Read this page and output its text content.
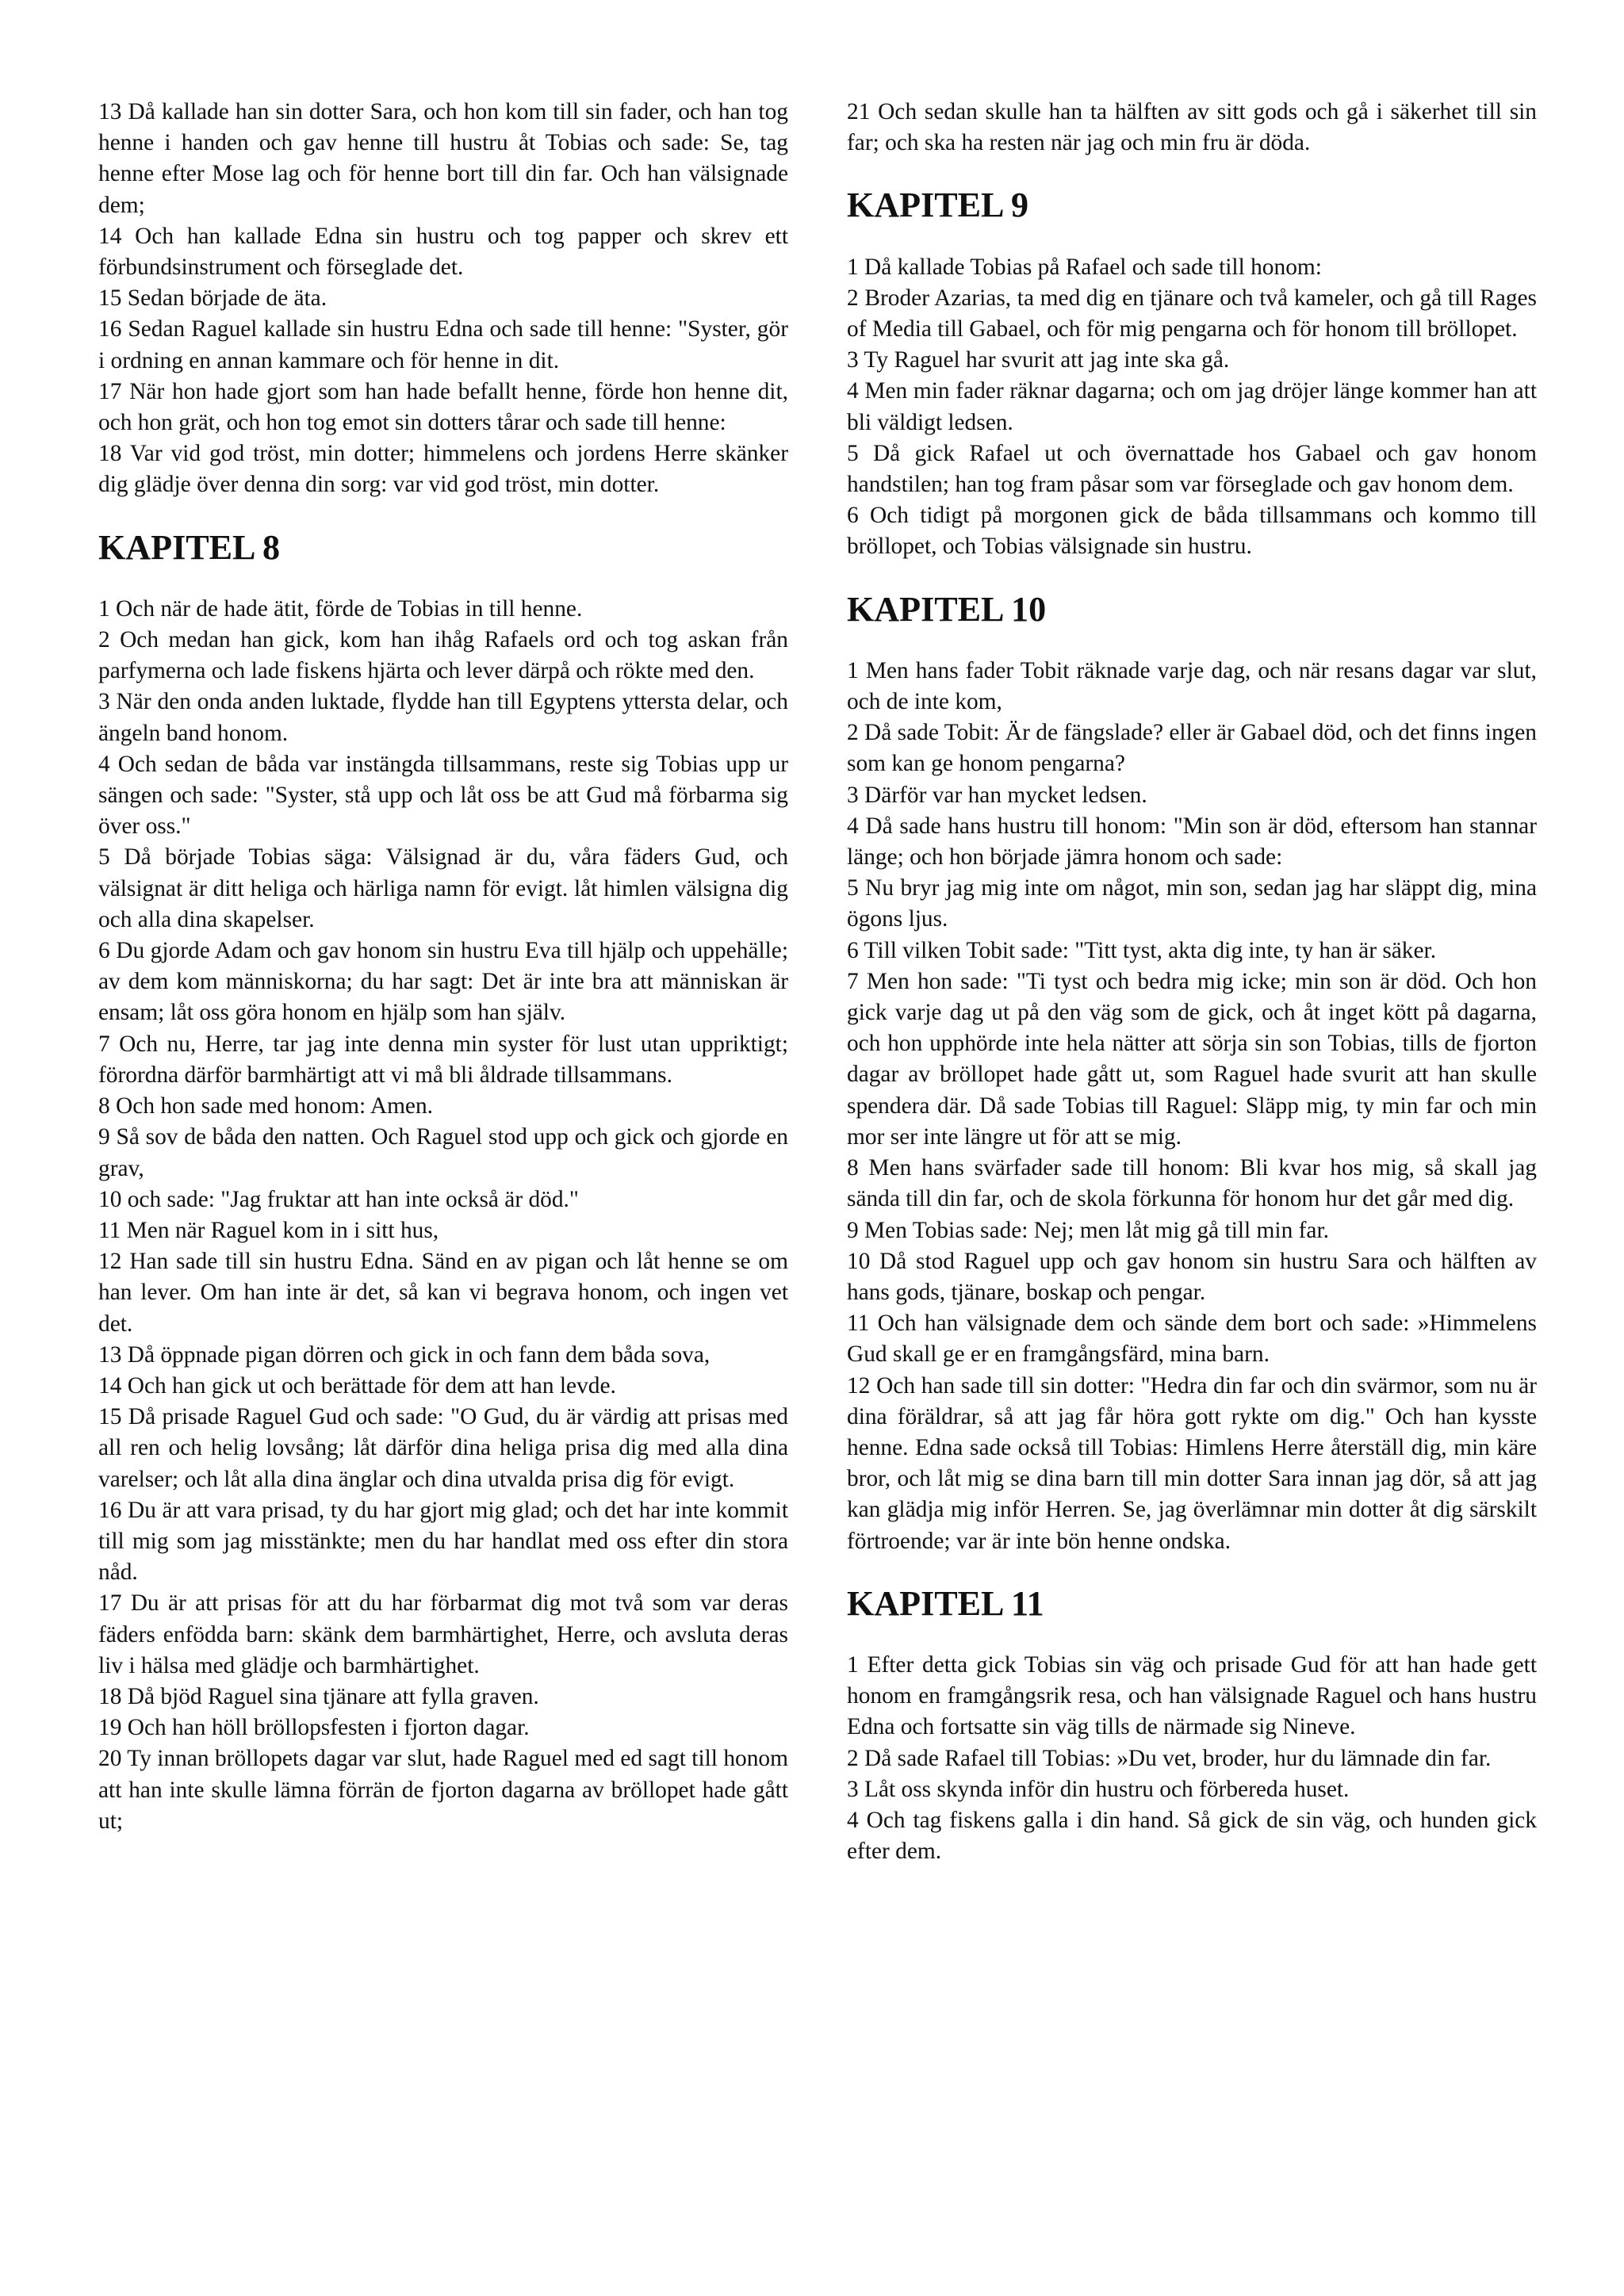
13 Då kallade han sin dotter Sara, och hon kom till sin fader, och han tog henne i handen och gav henne till hustru åt Tobias och sade: Se, tag henne efter Mose lag och för henne bort till din far. Och han välsignade dem;

14 Och han kallade Edna sin hustru och tog papper och skrev ett förbundsinstrument och förseglade det.

15 Sedan började de äta.

16 Sedan Raguel kallade sin hustru Edna och sade till henne: "Syster, gör i ordning en annan kammare och för henne in dit.

17 När hon hade gjort som han hade befallt henne, förde hon henne dit, och hon grät, och hon tog emot sin dotters tårar och sade till henne:

18 Var vid god tröst, min dotter; himmelens och jordens Herre skänker dig glädje över denna din sorg: var vid god tröst, min dotter.

KAPITEL 8

1 Och när de hade ätit, förde de Tobias in till henne.

2 Och medan han gick, kom han ihåg Rafaels ord och tog askan från parfymerna och lade fiskens hjärta och lever därpå och rökte med den.

3 När den onda anden luktade, flydde han till Egyptens yttersta delar, och ängeln band honom.

4 Och sedan de båda var instängda tillsammans, reste sig Tobias upp ur sängen och sade: "Syster, stå upp och låt oss be att Gud må förbarma sig över oss."

5 Då började Tobias säga: Välsignad är du, våra fäders Gud, och välsignat är ditt heliga och härliga namn för evigt. låt himlen välsigna dig och alla dina skapelser.

6 Du gjorde Adam och gav honom sin hustru Eva till hjälp och uppehälle; av dem kom människorna; du har sagt: Det är inte bra att människan är ensam; låt oss göra honom en hjälp som han själv.

7 Och nu, Herre, tar jag inte denna min syster för lust utan uppriktigt; förordna därför barmhärtigt att vi må bli åldrade tillsammans.

8 Och hon sade med honom: Amen.

9 Så sov de båda den natten. Och Raguel stod upp och gick och gjorde en grav,

10 och sade: "Jag fruktar att han inte också är död."

11 Men när Raguel kom in i sitt hus,

12 Han sade till sin hustru Edna. Sänd en av pigan och låt henne se om han lever. Om han inte är det, så kan vi begrava honom, och ingen vet det.

13 Då öppnade pigan dörren och gick in och fann dem båda sova,

14 Och han gick ut och berättade för dem att han levde.

15 Då prisade Raguel Gud och sade: "O Gud, du är värdig att prisas med all ren och helig lovsång; låt därför dina heliga prisa dig med alla dina varelser; och låt alla dina änglar och dina utvalda prisa dig för evigt.

16 Du är att vara prisad, ty du har gjort mig glad; och det har inte kommit till mig som jag misstänkte; men du har handlat med oss efter din stora nåd.

17 Du är att prisas för att du har förbarmat dig mot två som var deras fäders enfödda barn: skänk dem barmhärtighet, Herre, och avsluta deras liv i hälsa med glädje och barmhärtighet.

18 Då bjöd Raguel sina tjänare att fylla graven.

19 Och han höll bröllopsfesten i fjorton dagar.

20 Ty innan bröllopets dagar var slut, hade Raguel med ed sagt till honom att han inte skulle lämna förrän de fjorton dagarna av bröllopet hade gått ut;

21 Och sedan skulle han ta hälften av sitt gods och gå i säkerhet till sin far; och ska ha resten när jag och min fru är döda.

KAPITEL 9

1 Då kallade Tobias på Rafael och sade till honom:

2 Broder Azarias, ta med dig en tjänare och två kameler, och gå till Rages of Media till Gabael, och för mig pengarna och för honom till bröllopet.

3 Ty Raguel har svurit att jag inte ska gå.

4 Men min fader räknar dagarna; och om jag dröjer länge kommer han att bli väldigt ledsen.

5 Då gick Rafael ut och övernattade hos Gabael och gav honom handstilen; han tog fram påsar som var förseglade och gav honom dem.

6 Och tidigt på morgonen gick de båda tillsammans och kommo till bröllopet, och Tobias välsignade sin hustru.

KAPITEL 10

1 Men hans fader Tobit räknade varje dag, och när resans dagar var slut, och de inte kom,

2 Då sade Tobit: Är de fängslade? eller är Gabael död, och det finns ingen som kan ge honom pengarna?

3 Därför var han mycket ledsen.

4 Då sade hans hustru till honom: "Min son är död, eftersom han stannar länge; och hon började jämra honom och sade:

5 Nu bryr jag mig inte om något, min son, sedan jag har släppt dig, mina ögons ljus.

6 Till vilken Tobit sade: "Titt tyst, akta dig inte, ty han är säker.

7 Men hon sade: "Ti tyst och bedra mig icke; min son är död. Och hon gick varje dag ut på den väg som de gick, och åt inget kött på dagarna, och hon upphörde inte hela nätter att sörja sin son Tobias, tills de fjorton dagar av bröllopet hade gått ut, som Raguel hade svurit att han skulle spendera där. Då sade Tobias till Raguel: Släpp mig, ty min far och min mor ser inte längre ut för att se mig.

8 Men hans svärfader sade till honom: Bli kvar hos mig, så skall jag sända till din far, och de skola förkunna för honom hur det går med dig.

9 Men Tobias sade: Nej; men låt mig gå till min far.

10 Då stod Raguel upp och gav honom sin hustru Sara och hälften av hans gods, tjänare, boskap och pengar.

11 Och han välsignade dem och sände dem bort och sade: »Himmelens Gud skall ge er en framgångsfärd, mina barn.

12 Och han sade till sin dotter: "Hedra din far och din svärmor, som nu är dina föräldrar, så att jag får höra gott rykte om dig." Och han kysste henne. Edna sade också till Tobias: Himlens Herre återställ dig, min käre bror, och låt mig se dina barn till min dotter Sara innan jag dör, så att jag kan glädja mig inför Herren. Se, jag överlämnar min dotter åt dig särskilt förtroende; var är inte bön henne ondska.

KAPITEL 11

1 Efter detta gick Tobias sin väg och prisade Gud för att han hade gett honom en framgångsrik resa, och han välsignade Raguel och hans hustru Edna och fortsatte sin väg tills de närmade sig Nineve.

2 Då sade Rafael till Tobias: »Du vet, broder, hur du lämnade din far.

3 Låt oss skynda inför din hustru och förbereda huset.

4 Och tag fiskens galla i din hand. Så gick de sin väg, och hunden gick efter dem.
